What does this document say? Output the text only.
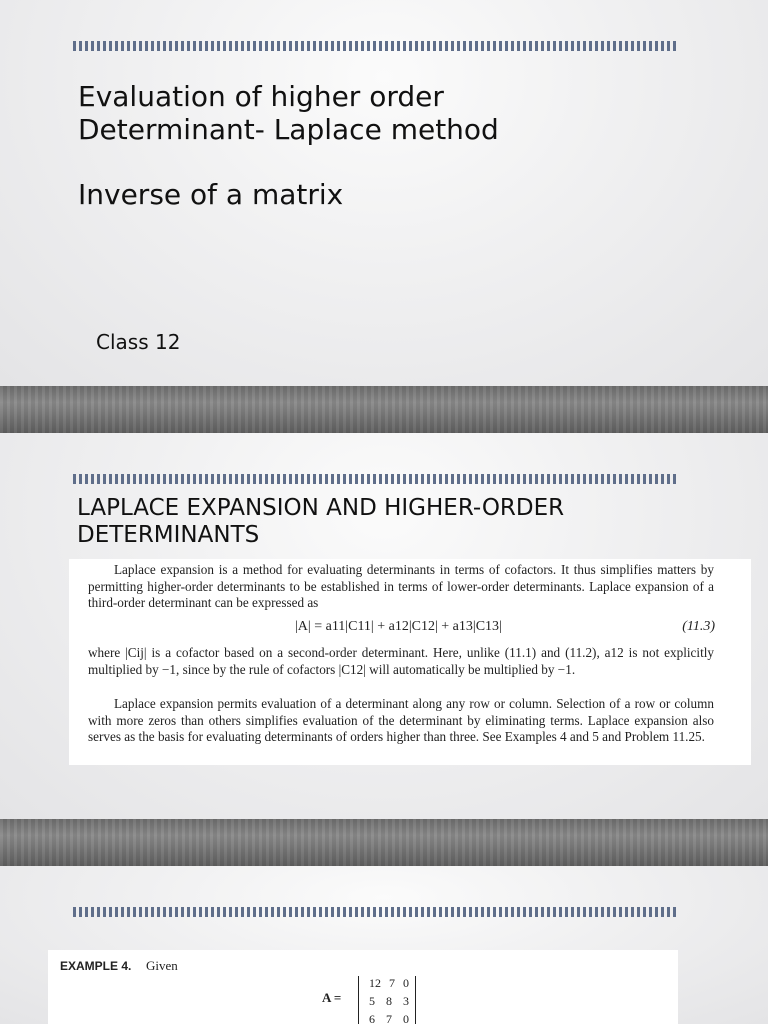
Evaluation of higher order
Determinant- Laplace method
Inverse of a matrix
Class 12
LAPLACE EXPANSION AND HIGHER-ORDER
DETERMINANTS
Laplace expansion is a method for evaluating determinants in terms of cofactors. It thus simplifies matters by permitting higher-order determinants to be established in terms of lower-order determinants. Laplace expansion of a third-order determinant can be expressed as
|A| = a11|C11| + a12|C12| + a13|C13|	(11.3)
where |Cij| is a cofactor based on a second-order determinant. Here, unlike (11.1) and (11.2), a12 is not explicitly multiplied by −1, since by the rule of cofactors |C12| will automatically be multiplied by −1.
Laplace expansion permits evaluation of a determinant along any row or column. Selection of a row or column with more zeros than others simplifies evaluation of the determinant by eliminating terms. Laplace expansion also serves as the basis for evaluating determinants of orders higher than three. See Examples 4 and 5 and Problem 11.25.
EXAMPLE 4. Given
A =
12 7 0
5 8 3
6 7 0
